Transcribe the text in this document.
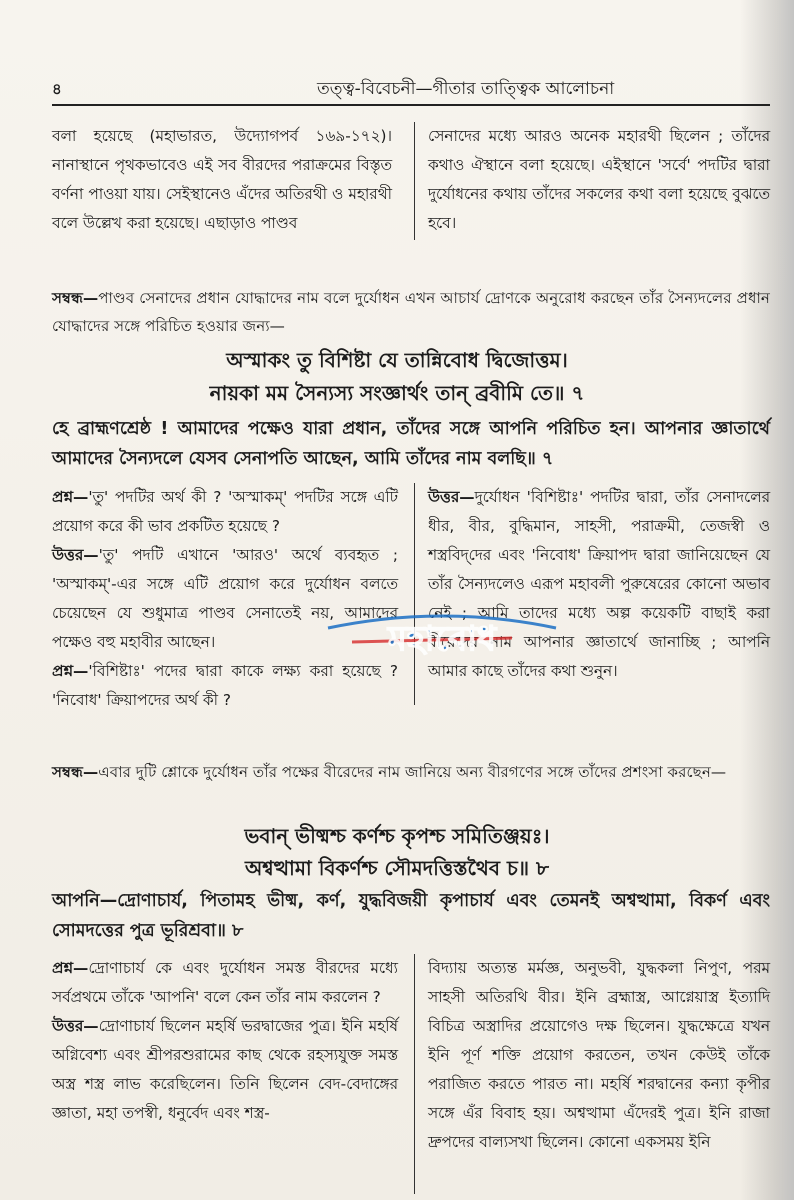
৪	তত্ত্ব-বিবেচনী—গীতার তাত্ত্বিক আলোচনা

বলা হয়েছে (মহাভারত, উদ্যোগপর্ব ১৬৯-১৭২)। নানাস্থানে পৃথকভাবেও এই সব বীরদের পরাক্রমের বিস্তৃত বর্ণনা পাওয়া যায়। সেইস্থানেও এঁদের অতিরথী ও মহারথী বলে উল্লেখ করা হয়েছে। এছাড়াও পাণ্ডব

সেনাদের মধ্যে আরও অনেক মহারথী ছিলেন ; তাঁদের কথাও ঐস্থানে বলা হয়েছে। এইস্থানে 'সর্বে' পদটির দ্বারা দুর্যোধনের কথায় তাঁদের সকলের কথা বলা হয়েছে বুঝতে হবে।

সম্বন্ধ—পাণ্ডব সেনাদের প্রধান যোদ্ধাদের নাম বলে দুর্যোধন এখন আচার্য দ্রোণকে অনুরোধ করছেন তাঁর সৈন্যদলের প্রধান যোদ্ধাদের সঙ্গে পরিচিত হওয়ার জন্য—
অস্মাকং তু বিশিষ্টা যে তান্নিবোধ দ্বিজোত্তম।
নায়কা মম সৈন্যস্য সংজ্ঞার্থং তান্ ব্রবীমি তে॥ ৭
হে ব্রাহ্মণশ্রেষ্ঠ ! আমাদের পক্ষেও যারা প্রধান, তাঁদের সঙ্গে আপনি পরিচিত হন। আপনার জ্ঞাতার্থে আমাদের সৈন্যদলে যেসব সেনাপতি আছেন, আমি তাঁদের নাম বলছি॥ ৭

প্রশ্ন—'তু' পদটির অর্থ কী ? 'অস্মাকম্' পদটির সঙ্গে এটি প্রয়োগ করে কী ভাব প্রকটিত হয়েছে ?

উত্তর—'তু' পদটি এখানে 'আরও' অর্থে ব্যবহৃত ; 'অস্মাকম্'-এর সঙ্গে এটি প্রয়োগ করে দুর্যোধন বলতে চেয়েছেন যে শুধুমাত্র পাণ্ডব সেনাতেই নয়, আমাদের পক্ষেও বহু মহাবীর আছেন।

প্রশ্ন—'বিশিষ্টাঃ' পদের দ্বারা কাকে লক্ষ্য করা হয়েছে ? 'নিবোধ' ক্রিয়াপদের অর্থ কী ?

উত্তর—দুর্যোধন 'বিশিষ্টাঃ' পদটির দ্বারা, তাঁর সেনাদলের ধীর, বীর, বুদ্ধিমান, সাহসী, পরাক্রমী, তেজস্বী ও শস্ত্রবিদ্‌দের এবং 'নিবোধ' ক্রিয়াপদ দ্বারা জানিয়েছেন যে তাঁর সৈন্যদলেও এরূপ মহাবলী পুরুষেরের কোনো অভাব নেই ; আমি তাদের মধ্যে অল্প কয়েকটি বাছাই করা বীরেদের নাম আপনার জ্ঞাতার্থে জানাচ্ছি ; আপনি আমার কাছে তাঁদের কথা শুনুন।

সম্বন্ধ—এবার দুটি শ্লোকে দুর্যোধন তাঁর পক্ষের বীরেদের নাম জানিয়ে অন্য বীরগণের সঙ্গে তাঁদের প্রশংসা করছেন—
ভবান্ ভীষ্মশ্চ কর্ণশ্চ কৃপশ্চ সমিতিঞ্জয়ঃ।
অশ্বত্থামা বিকর্ণশ্চ সৌমদত্তিস্তথৈব চ॥ ৮
আপনি—দ্রোণাচার্য, পিতামহ ভীষ্ম, কর্ণ, যুদ্ধবিজয়ী কৃপাচার্য এবং তেমনই অশ্বত্থামা, বিকর্ণ এবং সোমদত্তের পুত্র ভূরিশ্রবা॥ ৮

প্রশ্ন—দ্রোণাচার্য কে এবং দুর্যোধন সমস্ত বীরদের মধ্যে সর্বপ্রথমে তাঁকে 'আপনি' বলে কেন তাঁর নাম করলেন ?

উত্তর—দ্রোণাচার্য ছিলেন মহর্ষি ভরদ্বাজের পুত্র। ইনি মহর্ষি অগ্নিবেশ্য এবং শ্রীপরশুরামের কাছ থেকে রহস্যযুক্ত সমস্ত অস্ত্র শস্ত্র লাভ করেছিলেন। তিনি ছিলেন বেদ-বেদাঙ্গের জ্ঞাতা, মহা তপস্বী, ধনুর্বেদ এবং শস্ত্র-

বিদ্যায় অত্যন্ত মর্মজ্ঞ, অনুভবী, যুদ্ধকলা নিপুণ, পরম সাহসী অতিরথি বীর। ইনি ব্রহ্মাস্ত্র, আগ্নেয়াস্ত্র ইত্যাদি বিচিত্র অস্ত্রাদির প্রয়োগেও দক্ষ ছিলেন। যুদ্ধক্ষেত্রে যখন ইনি পূর্ণ শক্তি প্রয়োগ করতেন, তখন কেউই তাঁকে পরাজিত করতে পারত না। মহর্ষি শরদ্বানের কন্যা কৃপীর সঙ্গে এঁর বিবাহ হয়। অশ্বত্থামা এঁদেরই পুত্র। ইনি রাজা দ্রুপদের বাল্যসখা ছিলেন। কোনো একসময় ইনি

মহাবোধ
